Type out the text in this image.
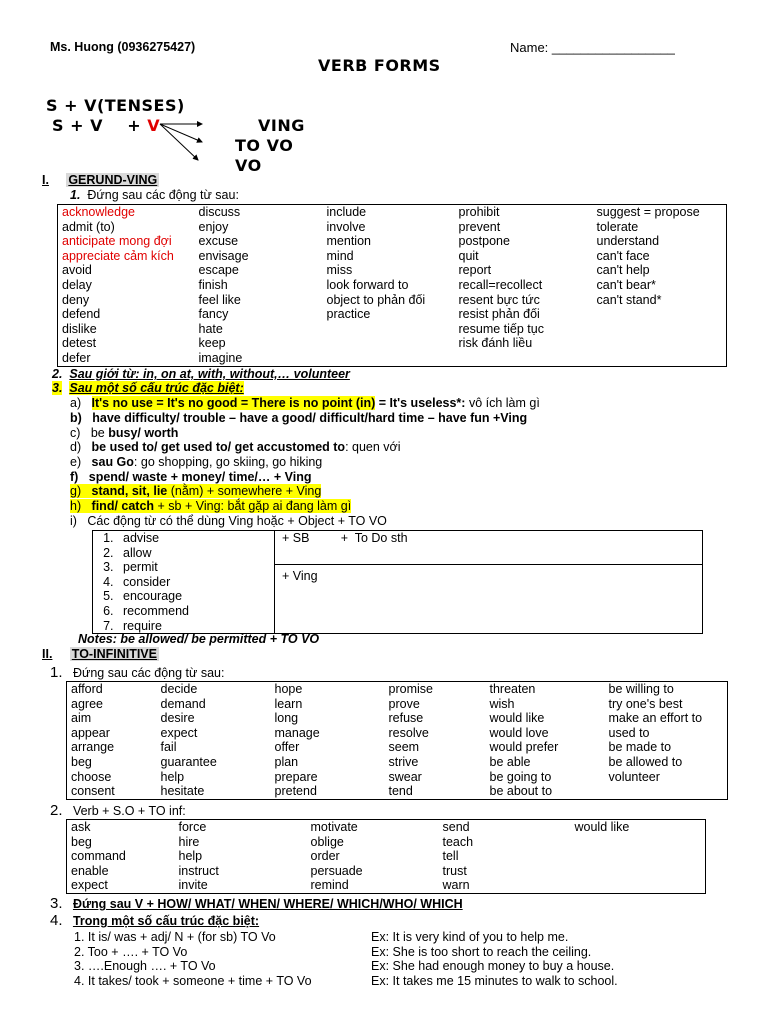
Ms. Huong (0936275427)	Name: _________________
VERB FORMS
S + V(TENSES)
S + V    + V	VING
TO VO
VO
I. GERUND-VING
1. Đứng sau các động từ sau:
acknowledge	discuss	include	prohibit	suggest = propose
admit (to)	enjoy	involve	prevent	tolerate
anticipate mong đợi	excuse	mention	postpone	understand
appreciate cảm kích	envisage	mind	quit	can't face
avoid	escape	miss	report	can't help
delay	finish	look forward to	recall=recollect	can't bear*
deny	feel like	object to phản đối	resent bực tức	can't stand*
defend	fancy	practice	resist phản đối	
dislike	hate		resume tiếp tục	
detest	keep		risk đánh liều	
defer	imagine			
2. Sau giới từ: in, on at, with, without,… volunteer
3. Sau một số cấu trúc đặc biệt:
a) It's no use = It's no good = There is no point (in) = It's useless*: vô ích làm gì
b) have difficulty/ trouble – have a good/ difficult/hard time – have fun +Ving
c) be busy/ worth
d) be used to/ get used to/ get accustomed to: quen với
e) sau Go: go shopping, go skiing, go hiking
f) spend/ waste + money/ time/… + Ving
g) stand, sit, lie (nằm) + somewhere + Ving
h) find/ catch + sb + Ving: bắt gặp ai đang làm gì
i) Các động từ có thể dùng Ving hoặc + Object + TO VO
1. advise
2. allow
3. permit
4. consider
5. encourage
6. recommend
7. require
+ SB         +  To Do sth
+ Ving
Notes: be allowed/ be permitted + TO VO
II. TO-INFINITIVE
1. Đứng sau các động từ sau:
afford	decide	hope	promise	threaten	be willing to
agree	demand	learn	prove	wish	try one's best
aim	desire	long	refuse	would like	make an effort to
appear	expect	manage	resolve	would love	used to
arrange	fail	offer	seem	would prefer	be made to
beg	guarantee	plan	strive	be able	be allowed to
choose	help	prepare	swear	be going to	volunteer
consent	hesitate	pretend	tend	be about to	
2. Verb + S.O + TO inf:
ask	force	motivate	send	would like
beg	hire	oblige	teach	
command	help	order	tell	
enable	instruct	persuade	trust	
expect	invite	remind	warn	
3. Đứng sau V + HOW/ WHAT/ WHEN/ WHERE/ WHICH/WHO/ WHICH
4. Trong một số cấu trúc đặc biệt:
1. It is/ was + adj/ N + (for sb) TO Vo	Ex: It is very kind of you to help me.
2. Too + …. + TO Vo	Ex: She is too short to reach the ceiling.
3. ….Enough …. + TO Vo	Ex: She had enough money to buy a house.
4. It takes/ took + someone + time + TO Vo	Ex: It takes me 15 minutes to walk to school.
